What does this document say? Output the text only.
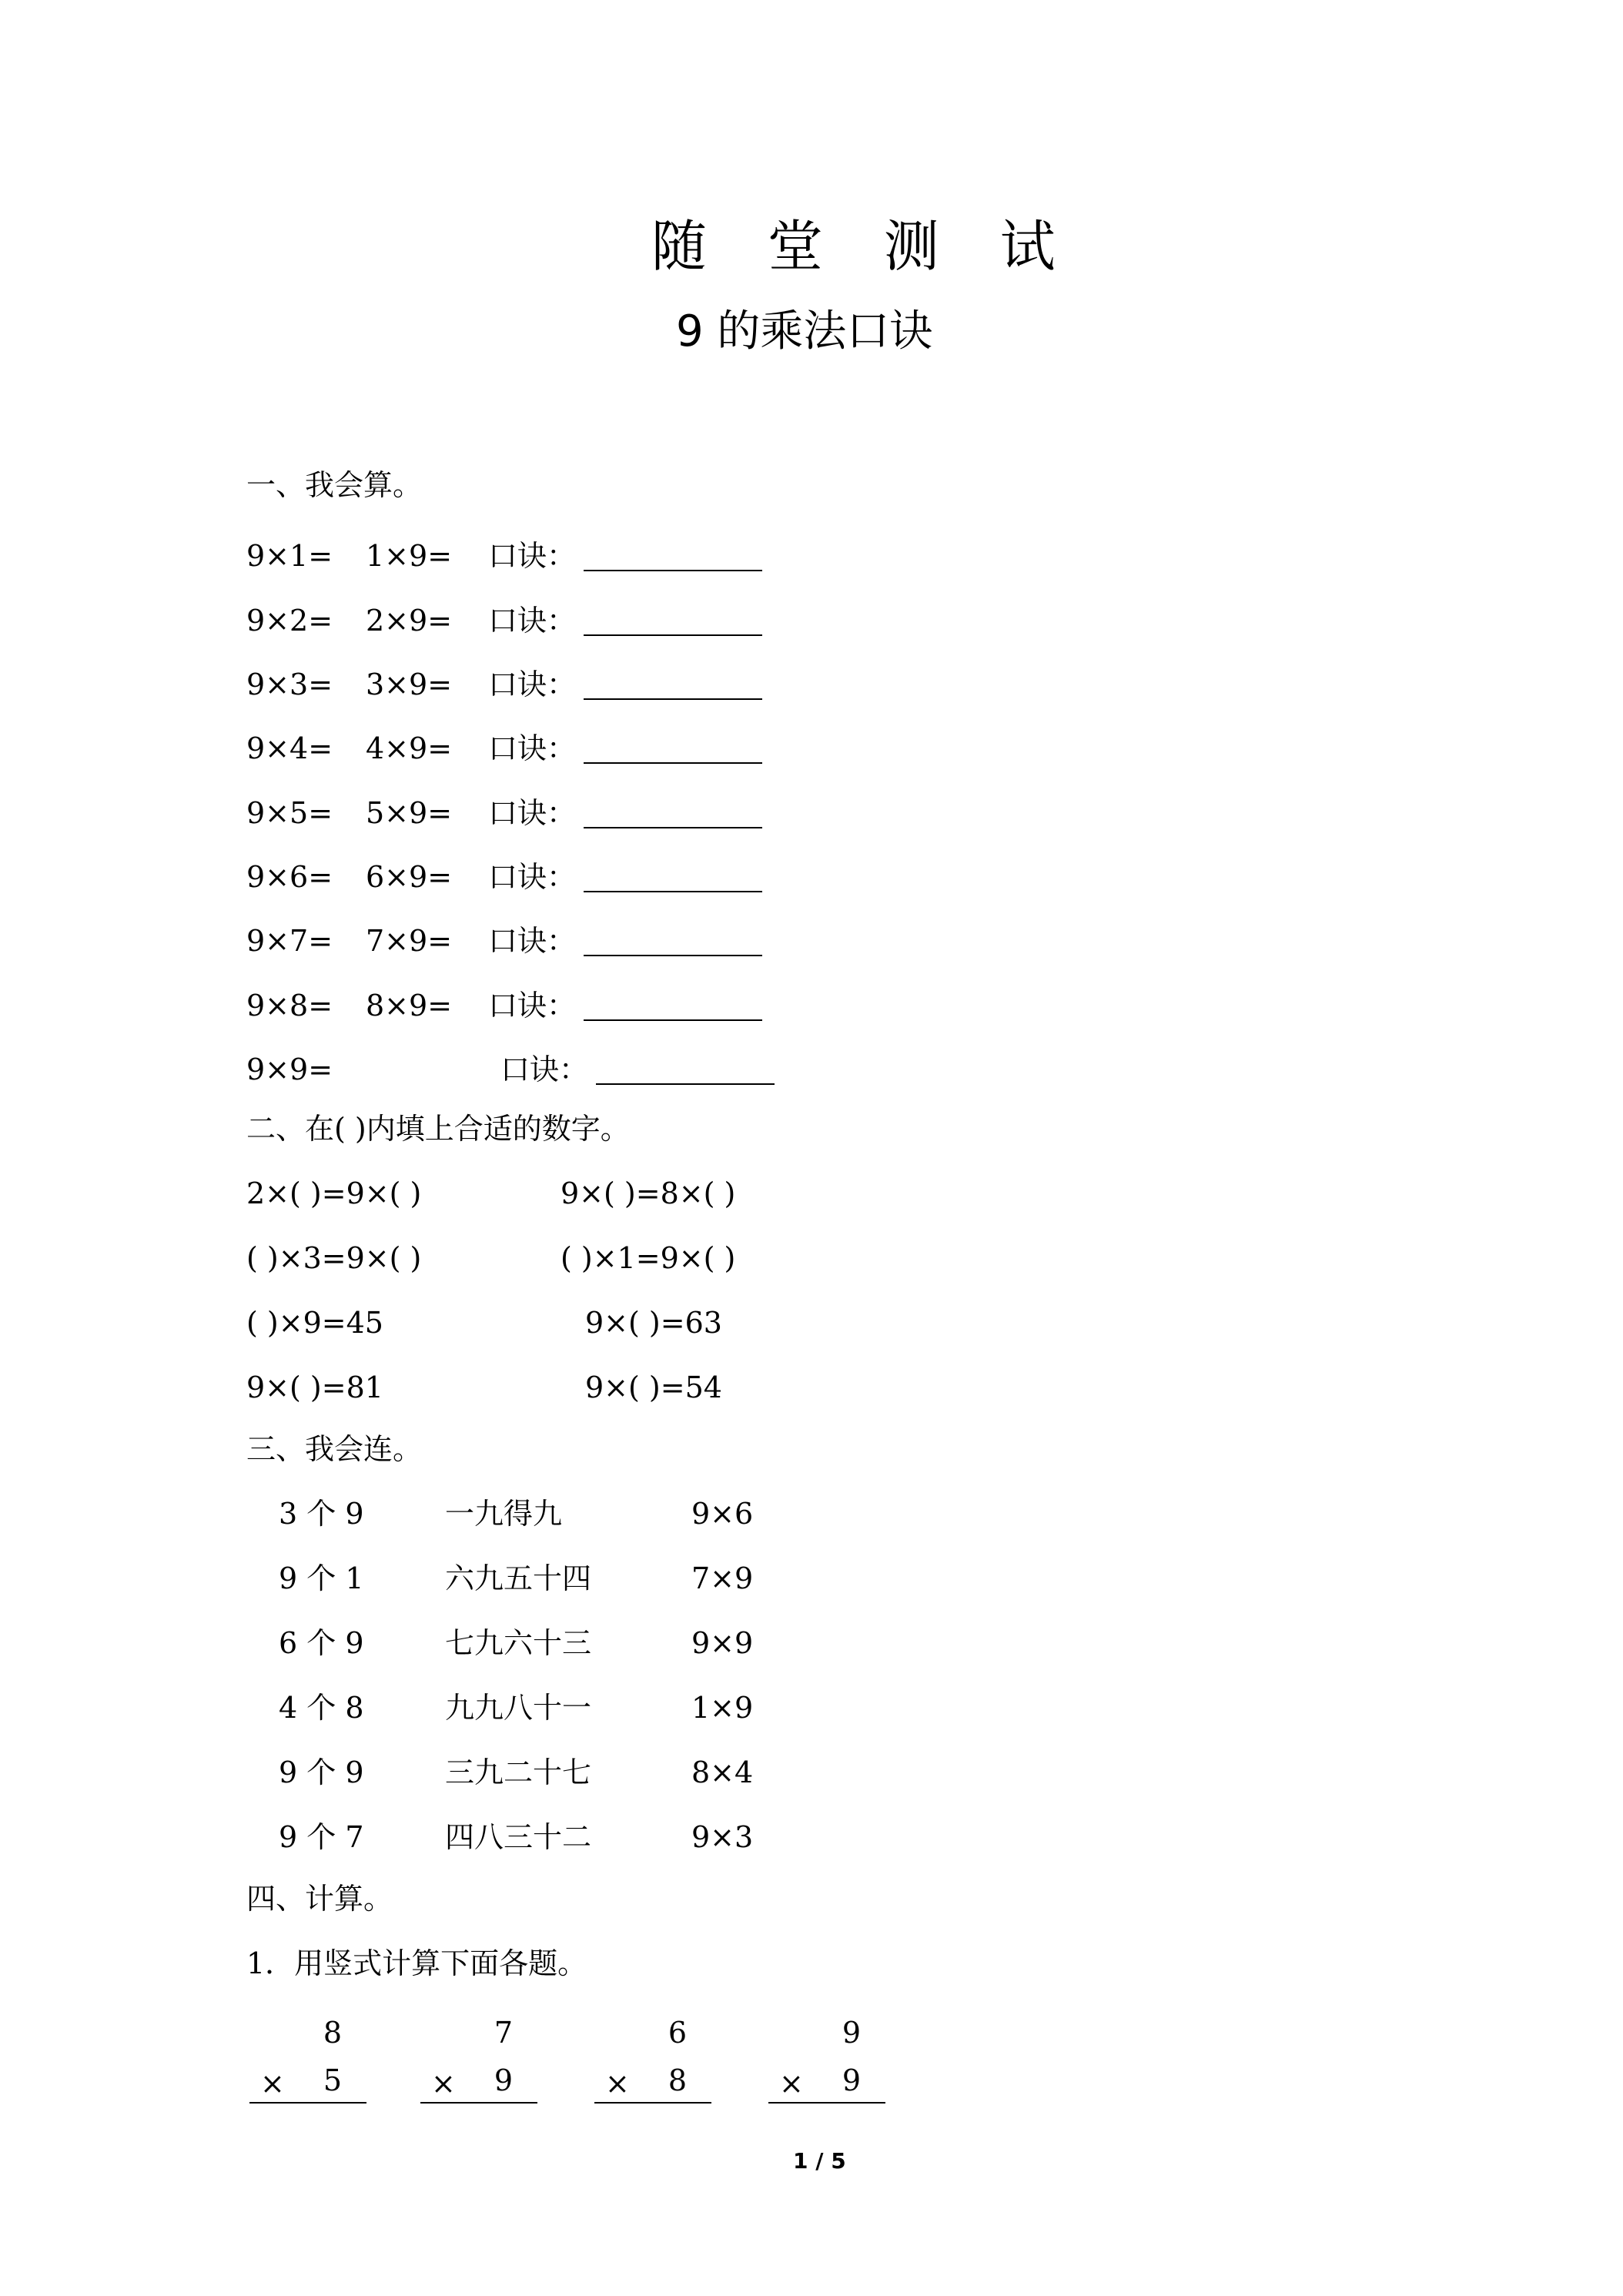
随 堂 测 试
9 的乘法口诀
一、我会算。
9×1= 1×9= 口诀：
9×2= 2×9= 口诀：
9×3= 3×9= 口诀：
9×4= 4×9= 口诀：
9×5= 5×9= 口诀：
9×6= 6×9= 口诀：
9×7= 7×9= 口诀：
9×8= 8×9= 口诀：
9×9=	口诀：
二、在( )内填上合适的数字。
2×( )=9×( )	9×( )=8×( )
( )×3=9×( )	( )×1=9×( )
( )×9=45	9×( )=63
9×( )=81	9×( )=54
三、我会连。
3 个 9	一九得九	9×6
9 个 1	六九五十四	7×9
6 个 9	七九六十三	9×9
4 个 8	九九八十一	1×9
9 个 9	三九二十七	8×4
9 个 7	四八三十二	9×3
四、计算。
1．用竖式计算下面各题。
8
× 5
7
× 9
6
× 8
9
× 9
1 / 5
